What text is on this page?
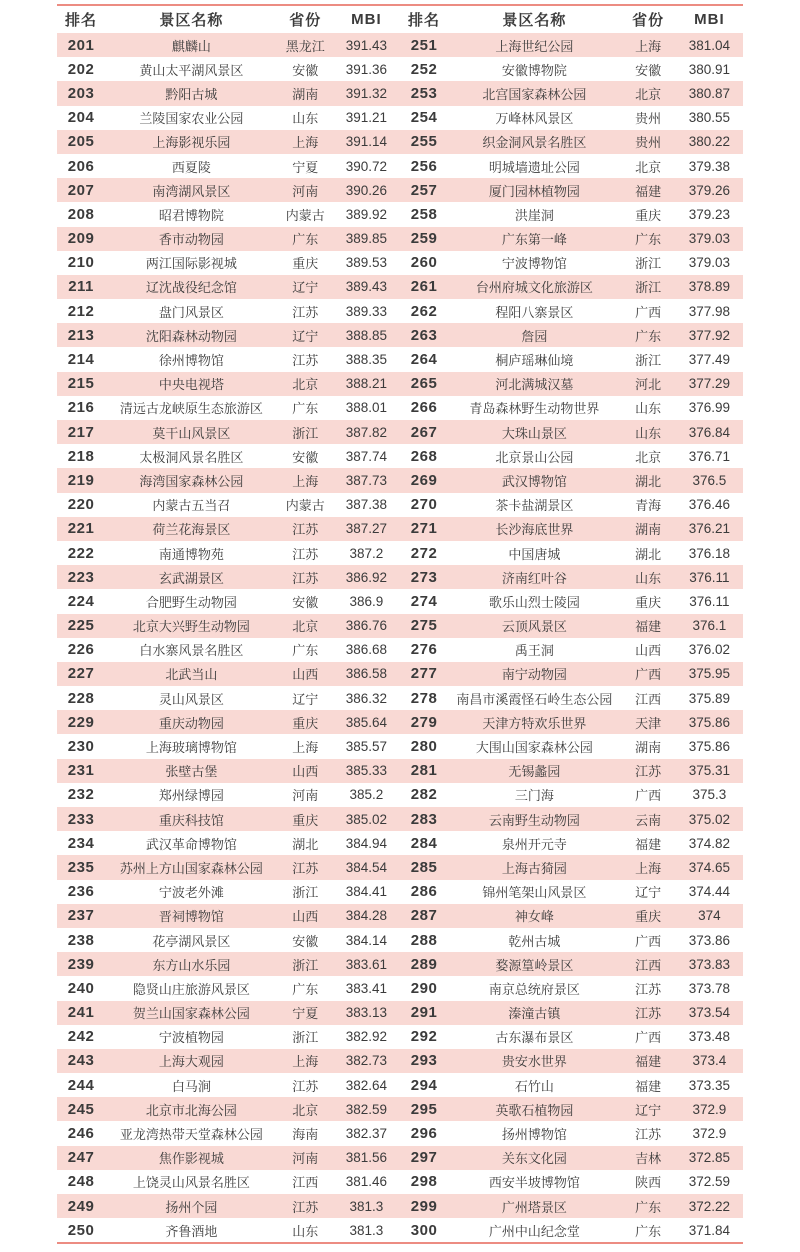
排名	景区名称	省份	MBI	排名	景区名称	省份	MBI
201	麒麟山	黑龙江	391.43	251	上海世纪公园	上海	381.04
202	黄山太平湖风景区	安徽	391.36	252	安徽博物院	安徽	380.91
203	黔阳古城	湖南	391.32	253	北宫国家森林公园	北京	380.87
204	兰陵国家农业公园	山东	391.21	254	万峰林风景区	贵州	380.55
205	上海影视乐园	上海	391.14	255	织金洞风景名胜区	贵州	380.22
206	西夏陵	宁夏	390.72	256	明城墙遗址公园	北京	379.38
207	南湾湖风景区	河南	390.26	257	厦门园林植物园	福建	379.26
208	昭君博物院	内蒙古	389.92	258	洪崖洞	重庆	379.23
209	香市动物园	广东	389.85	259	广东第一峰	广东	379.03
210	两江国际影视城	重庆	389.53	260	宁波博物馆	浙江	379.03
211	辽沈战役纪念馆	辽宁	389.43	261	台州府城文化旅游区	浙江	378.89
212	盘门风景区	江苏	389.33	262	程阳八寨景区	广西	377.98
213	沈阳森林动物园	辽宁	388.85	263	詹园	广东	377.92
214	徐州博物馆	江苏	388.35	264	桐庐瑶琳仙境	浙江	377.49
215	中央电视塔	北京	388.21	265	河北满城汉墓	河北	377.29
216	清远古龙峡原生态旅游区	广东	388.01	266	青岛森林野生动物世界	山东	376.99
217	莫干山风景区	浙江	387.82	267	大珠山景区	山东	376.84
218	太极洞风景名胜区	安徽	387.74	268	北京景山公园	北京	376.71
219	海湾国家森林公园	上海	387.73	269	武汉博物馆	湖北	376.5
220	内蒙古五当召	内蒙古	387.38	270	茶卡盐湖景区	青海	376.46
221	荷兰花海景区	江苏	387.27	271	长沙海底世界	湖南	376.21
222	南通博物苑	江苏	387.2	272	中国唐城	湖北	376.18
223	玄武湖景区	江苏	386.92	273	济南红叶谷	山东	376.11
224	合肥野生动物园	安徽	386.9	274	歌乐山烈士陵园	重庆	376.11
225	北京大兴野生动物园	北京	386.76	275	云顶风景区	福建	376.1
226	白水寨风景名胜区	广东	386.68	276	禹王洞	山西	376.02
227	北武当山	山西	386.58	277	南宁动物园	广西	375.95
228	灵山风景区	辽宁	386.32	278	南昌市溪霞怪石岭生态公园	江西	375.89
229	重庆动物园	重庆	385.64	279	天津方特欢乐世界	天津	375.86
230	上海玻璃博物馆	上海	385.57	280	大围山国家森林公园	湖南	375.86
231	张壁古堡	山西	385.33	281	无锡蠡园	江苏	375.31
232	郑州绿博园	河南	385.2	282	三门海	广西	375.3
233	重庆科技馆	重庆	385.02	283	云南野生动物园	云南	375.02
234	武汉革命博物馆	湖北	384.94	284	泉州开元寺	福建	374.82
235	苏州上方山国家森林公园	江苏	384.54	285	上海古猗园	上海	374.65
236	宁波老外滩	浙江	384.41	286	锦州笔架山风景区	辽宁	374.44
237	晋祠博物馆	山西	384.28	287	神女峰	重庆	374
238	花亭湖风景区	安徽	384.14	288	乾州古城	广西	373.86
239	东方山水乐园	浙江	383.61	289	婺源篁岭景区	江西	373.83
240	隐贤山庄旅游风景区	广东	383.41	290	南京总统府景区	江苏	373.78
241	贺兰山国家森林公园	宁夏	383.13	291	溱潼古镇	江苏	373.54
242	宁波植物园	浙江	382.92	292	古东瀑布景区	广西	373.48
243	上海大观园	上海	382.73	293	贵安水世界	福建	373.4
244	白马涧	江苏	382.64	294	石竹山	福建	373.35
245	北京市北海公园	北京	382.59	295	英歌石植物园	辽宁	372.9
246	亚龙湾热带天堂森林公园	海南	382.37	296	扬州博物馆	江苏	372.9
247	焦作影视城	河南	381.56	297	关东文化园	吉林	372.85
248	上饶灵山风景名胜区	江西	381.46	298	西安半坡博物馆	陕西	372.59
249	扬州个园	江苏	381.3	299	广州塔景区	广东	372.22
250	齐鲁酒地	山东	381.3	300	广州中山纪念堂	广东	371.84
